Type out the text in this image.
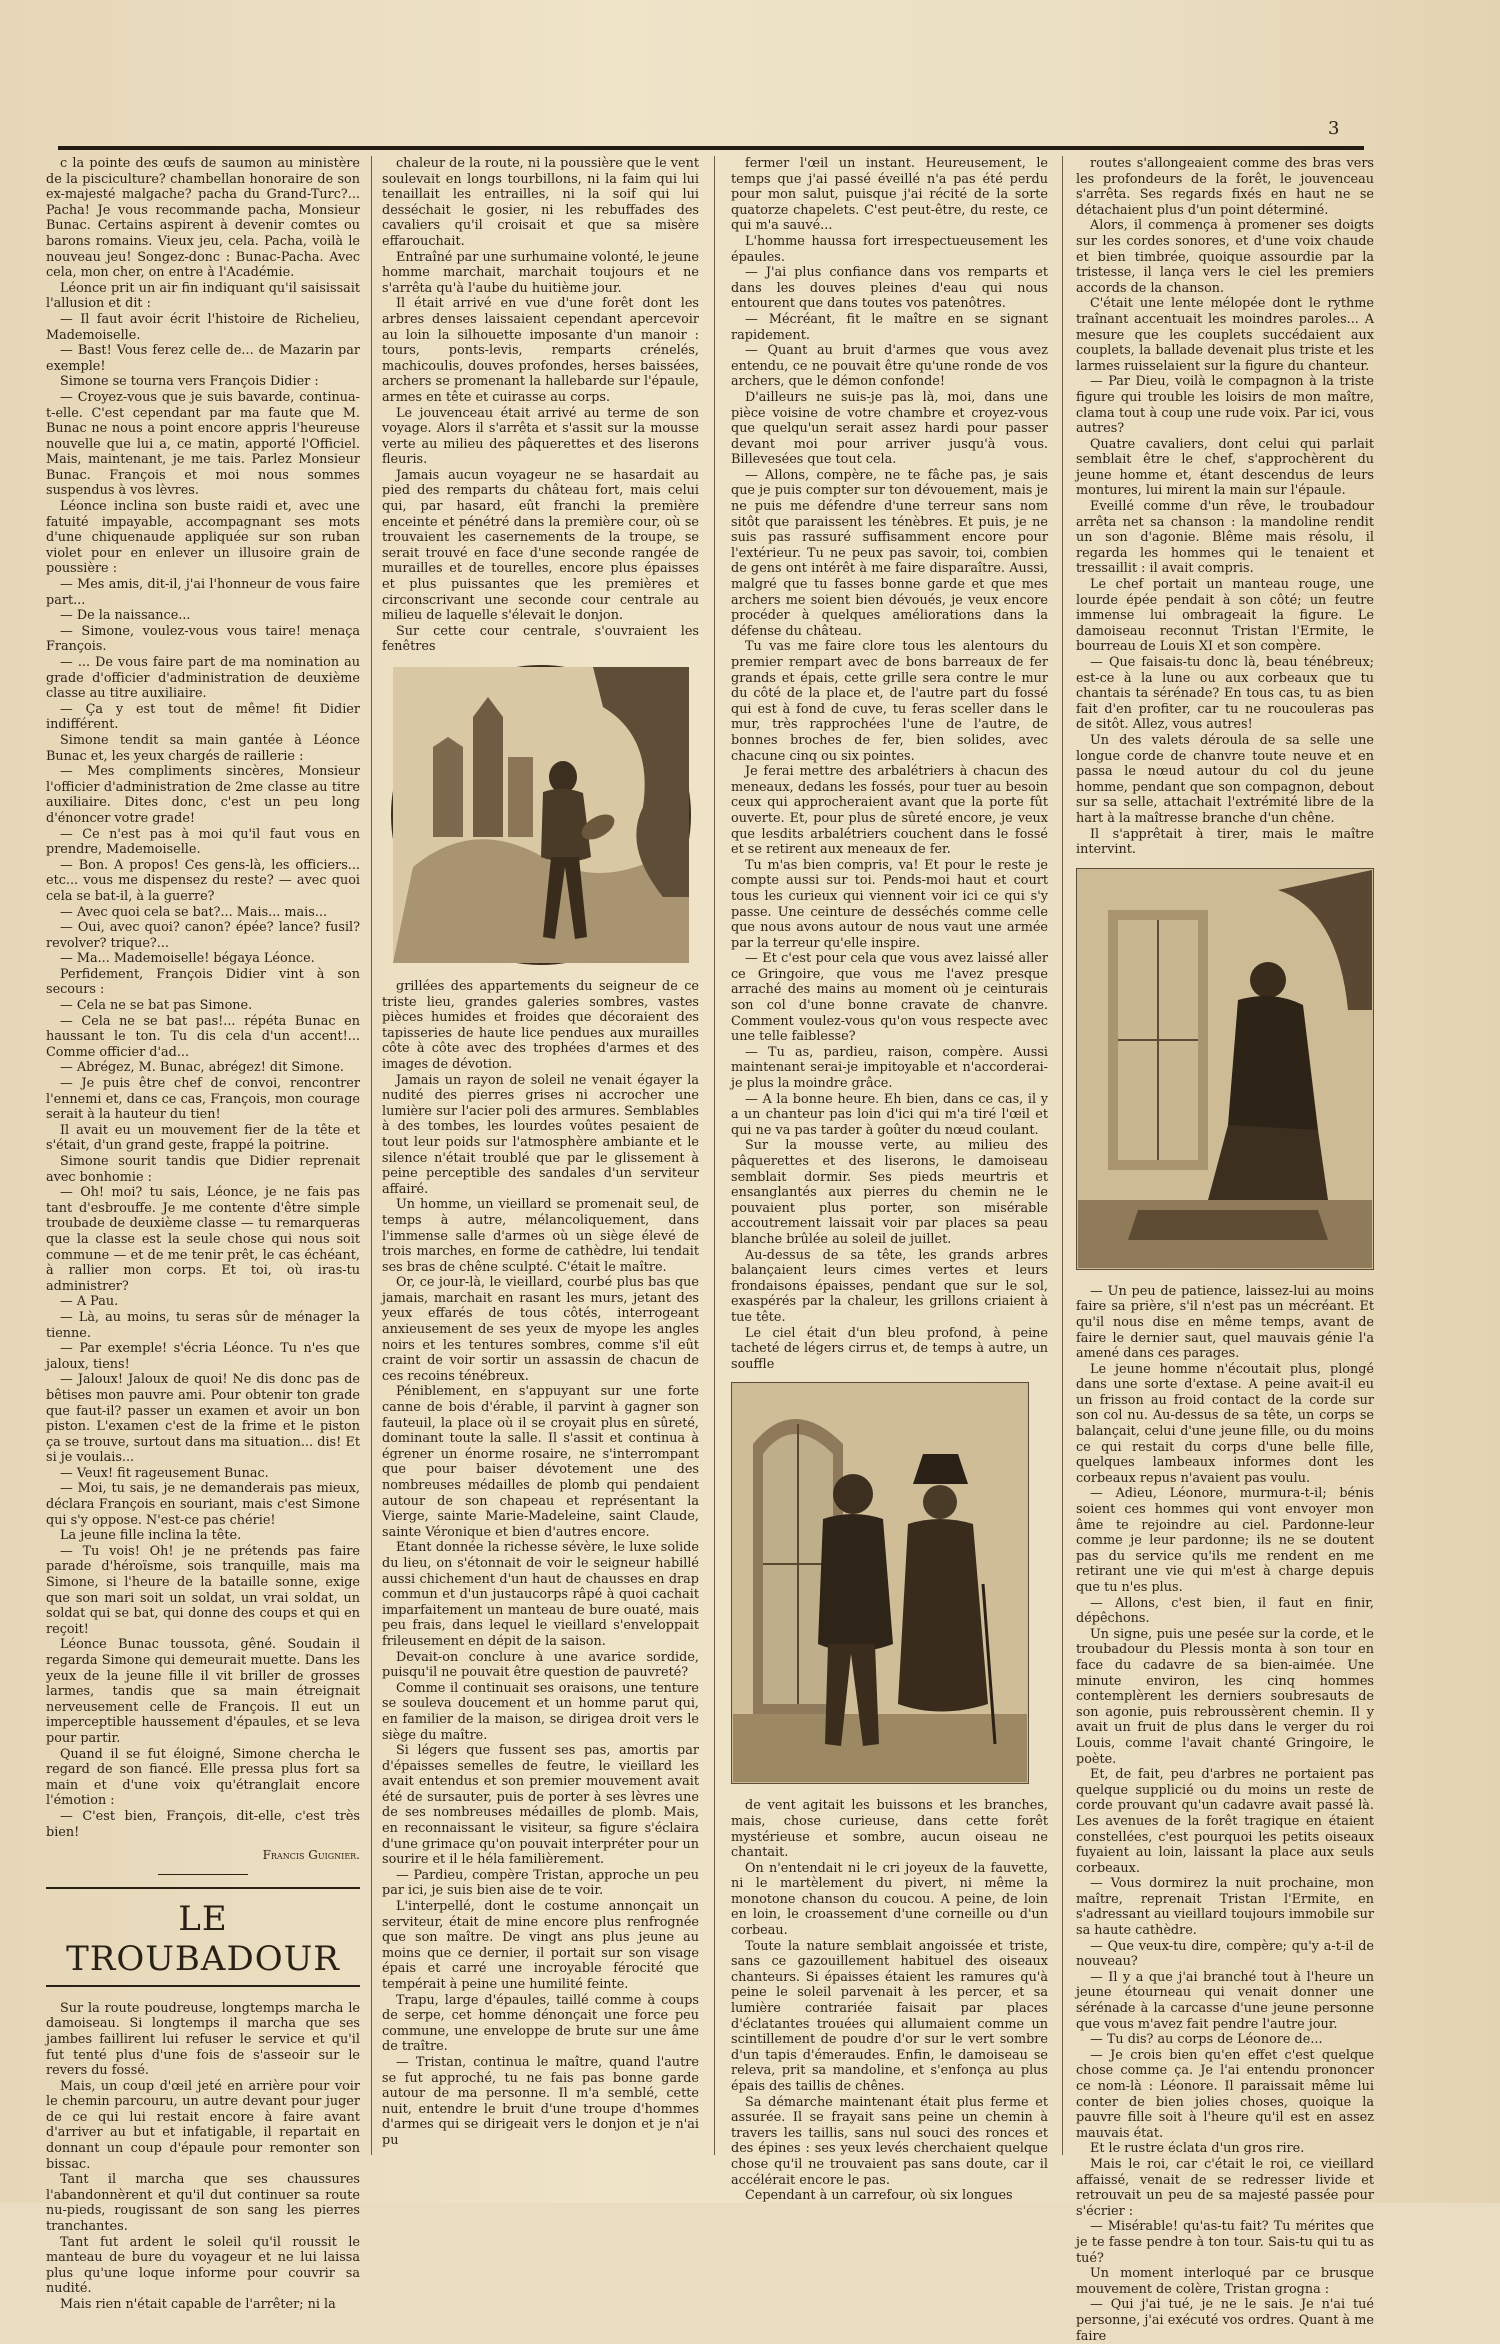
3

c la pointe des œufs de saumon au ministère de la pisciculture? chambellan honoraire de son ex-majesté malgache? pacha du Grand-Turc?... Pacha! Je vous recommande pacha, Monsieur Bunac. Certains aspirent à devenir comtes ou barons romains. Vieux jeu, cela. Pacha, voilà le nouveau jeu! Songez-donc : Bunac-Pacha. Avec cela, mon cher, on entre à l'Académie.

Léonce prit un air fin indiquant qu'il saisissait l'allusion et dit :

— Il faut avoir écrit l'histoire de Richelieu, Mademoiselle.

— Bast! Vous ferez celle de... de Mazarin par exemple!

Simone se tourna vers François Didier :

— Croyez-vous que je suis bavarde, continua-t-elle. C'est cependant par ma faute que M. Bunac ne nous a point encore appris l'heureuse nouvelle que lui a, ce matin, apporté l'Officiel. Mais, maintenant, je me tais. Parlez Monsieur Bunac. François et moi nous sommes suspendus à vos lèvres.

Léonce inclina son buste raidi et, avec une fatuité impayable, accompagnant ses mots d'une chiquenaude appliquée sur son ruban violet pour en enlever un illusoire grain de poussière :

— Mes amis, dit-il, j'ai l'honneur de vous faire part...

— De la naissance...

— Simone, voulez-vous vous taire! menaça François.

— ... De vous faire part de ma nomination au grade d'officier d'administration de deuxième classe au titre auxiliaire.

— Ça y est tout de même! fit Didier indifférent.

Simone tendit sa main gantée à Léonce Bunac et, les yeux chargés de raillerie :

— Mes compliments sincères, Monsieur l'officier d'administration de 2me classe au titre auxiliaire. Dites donc, c'est un peu long d'énoncer votre grade!

— Ce n'est pas à moi qu'il faut vous en prendre, Mademoiselle.

— Bon. A propos! Ces gens-là, les officiers... etc... vous me dispensez du reste? — avec quoi cela se bat-il, à la guerre?

— Avec quoi cela se bat?... Mais... mais...

— Oui, avec quoi? canon? épée? lance? fusil? revolver? trique?...

— Ma... Mademoiselle! bégaya Léonce.

Perfidement, François Didier vint à son secours :

— Cela ne se bat pas Simone.

— Cela ne se bat pas!... répéta Bunac en haussant le ton. Tu dis cela d'un accent!... Comme officier d'ad...

— Abrégez, M. Bunac, abrégez! dit Simone.

— Je puis être chef de convoi, rencontrer l'ennemi et, dans ce cas, François, mon courage serait à la hauteur du tien!

Il avait eu un mouvement fier de la tête et s'était, d'un grand geste, frappé la poitrine.

Simone sourit tandis que Didier reprenait avec bonhomie :

— Oh! moi? tu sais, Léonce, je ne fais pas tant d'esbrouffe. Je me contente d'être simple troubade de deuxième classe — tu remarqueras que la classe est la seule chose qui nous soit commune — et de me tenir prêt, le cas échéant, à rallier mon corps. Et toi, où iras-tu administrer?

— A Pau.

— Là, au moins, tu seras sûr de ménager la tienne.

— Par exemple! s'écria Léonce. Tu n'es que jaloux, tiens!

— Jaloux! Jaloux de quoi! Ne dis donc pas de bêtises mon pauvre ami. Pour obtenir ton grade que faut-il? passer un examen et avoir un bon piston. L'examen c'est de la frime et le piston ça se trouve, surtout dans ma situation... dis! Et si je voulais...

— Veux! fit rageusement Bunac.

— Moi, tu sais, je ne demanderais pas mieux, déclara François en souriant, mais c'est Simone qui s'y oppose. N'est-ce pas chérie!

La jeune fille inclina la tête.

— Tu vois! Oh! je ne prétends pas faire parade d'héroïsme, sois tranquille, mais ma Simone, si l'heure de la bataille sonne, exige que son mari soit un soldat, un vrai soldat, un soldat qui se bat, qui donne des coups et qui en reçoit!

Léonce Bunac toussota, gêné. Soudain il regarda Simone qui demeurait muette. Dans les yeux de la jeune fille il vit briller de grosses larmes, tandis que sa main étreignait nerveusement celle de François. Il eut un imperceptible haussement d'épaules, et se leva pour partir.

Quand il se fut éloigné, Simone chercha le regard de son fiancé. Elle pressa plus fort sa main et d'une voix qu'étranglait encore l'émotion :

— C'est bien, François, dit-elle, c'est très bien!

Francis Guignier.

LE TROUBADOUR

Sur la route poudreuse, longtemps marcha le damoiseau. Si longtemps il marcha que ses jambes faillirent lui refuser le service et qu'il fut tenté plus d'une fois de s'asseoir sur le revers du fossé.

Mais, un coup d'œil jeté en arrière pour voir le chemin parcouru, un autre devant pour juger de ce qui lui restait encore à faire avant d'arriver au but et infatigable, il repartait en donnant un coup d'épaule pour remonter son bissac.

Tant il marcha que ses chaussures l'abandonnèrent et qu'il dut continuer sa route nu-pieds, rougissant de son sang les pierres tranchantes.

Tant fut ardent le soleil qu'il roussit le manteau de bure du voyageur et ne lui laissa plus qu'une loque informe pour couvrir sa nudité.

Mais rien n'était capable de l'arrêter; ni la

chaleur de la route, ni la poussière que le vent soulevait en longs tourbillons, ni la faim qui lui tenaillait les entrailles, ni la soif qui lui desséchait le gosier, ni les rebuffades des cavaliers qu'il croisait et que sa misère effarouchait.

Entraîné par une surhumaine volonté, le jeune homme marchait, marchait toujours et ne s'arrêta qu'à l'aube du huitième jour.

Il était arrivé en vue d'une forêt dont les arbres denses laissaient cependant apercevoir au loin la silhouette imposante d'un manoir : tours, ponts-levis, remparts crénelés, machicoulis, douves profondes, herses baissées, archers se promenant la hallebarde sur l'épaule, armes en tête et cuirasse au corps.

Le jouvenceau était arrivé au terme de son voyage. Alors il s'arrêta et s'assit sur la mousse verte au milieu des pâquerettes et des liserons fleuris.

Jamais aucun voyageur ne se hasardait au pied des remparts du château fort, mais celui qui, par hasard, eût franchi la première enceinte et pénétré dans la première cour, où se trouvaient les casernements de la troupe, se serait trouvé en face d'une seconde rangée de murailles et de tourelles, encore plus épaisses et plus puissantes que les premières et circonscrivant une seconde cour centrale au milieu de laquelle s'élevait le donjon.

Sur cette cour centrale, s'ouvraient les fenêtres

grillées des appartements du seigneur de ce triste lieu, grandes galeries sombres, vastes pièces humides et froides que décoraient des tapisseries de haute lice pendues aux murailles côte à côte avec des trophées d'armes et des images de dévotion.

Jamais un rayon de soleil ne venait égayer la nudité des pierres grises ni accrocher une lumière sur l'acier poli des armures. Semblables à des tombes, les lourdes voûtes pesaient de tout leur poids sur l'atmosphère ambiante et le silence n'était troublé que par le glissement à peine perceptible des sandales d'un serviteur affairé.

Un homme, un vieillard se promenait seul, de temps à autre, mélancoliquement, dans l'immense salle d'armes où un siège élevé de trois marches, en forme de cathèdre, lui tendait ses bras de chêne sculpté. C'était le maître.

Or, ce jour-là, le vieillard, courbé plus bas que jamais, marchait en rasant les murs, jetant des yeux effarés de tous côtés, interrogeant anxieusement de ses yeux de myope les angles noirs et les tentures sombres, comme s'il eût craint de voir sortir un assassin de chacun de ces recoins ténébreux.

Péniblement, en s'appuyant sur une forte canne de bois d'érable, il parvint à gagner son fauteuil, la place où il se croyait plus en sûreté, dominant toute la salle. Il s'assit et continua à égrener un énorme rosaire, ne s'interrompant que pour baiser dévotement une des nombreuses médailles de plomb qui pendaient autour de son chapeau et représentant la Vierge, sainte Marie-Madeleine, saint Claude, sainte Véronique et bien d'autres encore.

Etant donnée la richesse sévère, le luxe solide du lieu, on s'étonnait de voir le seigneur habillé aussi chichement d'un haut de chausses en drap commun et d'un justaucorps râpé à quoi cachait imparfaitement un manteau de bure ouaté, mais peu frais, dans lequel le vieillard s'enveloppait frileusement en dépit de la saison.

Devait-on conclure à une avarice sordide, puisqu'il ne pouvait être question de pauvreté?

Comme il continuait ses oraisons, une tenture se souleva doucement et un homme parut qui, en familier de la maison, se dirigea droit vers le siège du maître.

Si légers que fussent ses pas, amortis par d'épaisses semelles de feutre, le vieillard les avait entendus et son premier mouvement avait été de sursauter, puis de porter à ses lèvres une de ses nombreuses médailles de plomb. Mais, en reconnaissant le visiteur, sa figure s'éclaira d'une grimace qu'on pouvait interpréter pour un sourire et il le héla familièrement.

— Pardieu, compère Tristan, approche un peu par ici, je suis bien aise de te voir.

L'interpellé, dont le costume annonçait un serviteur, était de mine encore plus renfrognée que son maître. De vingt ans plus jeune au moins que ce dernier, il portait sur son visage épais et carré une incroyable férocité que tempérait à peine une humilité feinte.

Trapu, large d'épaules, taillé comme à coups de serpe, cet homme dénonçait une force peu commune, une enveloppe de brute sur une âme de traître.

— Tristan, continua le maître, quand l'autre se fut approché, tu ne fais pas bonne garde autour de ma personne. Il m'a semblé, cette nuit, entendre le bruit d'une troupe d'hommes d'armes qui se dirigeait vers le donjon et je n'ai pu

fermer l'œil un instant. Heureusement, le temps que j'ai passé éveillé n'a pas été perdu pour mon salut, puisque j'ai récité de la sorte quatorze chapelets. C'est peut-être, du reste, ce qui m'a sauvé...

L'homme haussa fort irrespectueusement les épaules.

— J'ai plus confiance dans vos remparts et dans les douves pleines d'eau qui nous entourent que dans toutes vos patenôtres.

— Mécréant, fit le maître en se signant rapidement.

— Quant au bruit d'armes que vous avez entendu, ce ne pouvait être qu'une ronde de vos archers, que le démon confonde!

D'ailleurs ne suis-je pas là, moi, dans une pièce voisine de votre chambre et croyez-vous que quelqu'un serait assez hardi pour passer devant moi pour arriver jusqu'à vous. Billevesées que tout cela.

— Allons, compère, ne te fâche pas, je sais que je puis compter sur ton dévouement, mais je ne puis me défendre d'une terreur sans nom sitôt que paraissent les ténèbres. Et puis, je ne suis pas rassuré suffisamment encore pour l'extérieur. Tu ne peux pas savoir, toi, combien de gens ont intérêt à me faire disparaître. Aussi, malgré que tu fasses bonne garde et que mes archers me soient bien dévoués, je veux encore procéder à quelques améliorations dans la défense du château.

Tu vas me faire clore tous les alentours du premier rempart avec de bons barreaux de fer grands et épais, cette grille sera contre le mur du côté de la place et, de l'autre part du fossé qui est à fond de cuve, tu feras sceller dans le mur, très rapprochées l'une de l'autre, de bonnes broches de fer, bien solides, avec chacune cinq ou six pointes.

Je ferai mettre des arbalétriers à chacun des meneaux, dedans les fossés, pour tuer au besoin ceux qui approcheraient avant que la porte fût ouverte. Et, pour plus de sûreté encore, je veux que lesdits arbalétriers couchent dans le fossé et se retirent aux meneaux de fer.

Tu m'as bien compris, va! Et pour le reste je compte aussi sur toi. Pends-moi haut et court tous les curieux qui viennent voir ici ce qui s'y passe. Une ceinture de desséchés comme celle que nous avons autour de nous vaut une armée par la terreur qu'elle inspire.

— Et c'est pour cela que vous avez laissé aller ce Gringoire, que vous me l'avez presque arraché des mains au moment où je ceinturais son col d'une bonne cravate de chanvre. Comment voulez-vous qu'on vous respecte avec une telle faiblesse?

— Tu as, pardieu, raison, compère. Aussi maintenant serai-je impitoyable et n'accorderai-je plus la moindre grâce.

— A la bonne heure. Eh bien, dans ce cas, il y a un chanteur pas loin d'ici qui m'a tiré l'œil et qui ne va pas tarder à goûter du nœud coulant.

Sur la mousse verte, au milieu des pâquerettes et des liserons, le damoiseau semblait dormir. Ses pieds meurtris et ensanglantés aux pierres du chemin ne le pouvaient plus porter, son misérable accoutrement laissait voir par places sa peau blanche brûlée au soleil de juillet.

Au-dessus de sa tête, les grands arbres balançaient leurs cimes vertes et leurs frondaisons épaisses, pendant que sur le sol, exaspérés par la chaleur, les grillons criaient à tue tête.

Le ciel était d'un bleu profond, à peine tacheté de légers cirrus et, de temps à autre, un souffle

de vent agitait les buissons et les branches, mais, chose curieuse, dans cette forêt mystérieuse et sombre, aucun oiseau ne chantait.

On n'entendait ni le cri joyeux de la fauvette, ni le martèlement du pivert, ni même la monotone chanson du coucou. A peine, de loin en loin, le croassement d'une corneille ou d'un corbeau.

Toute la nature semblait angoissée et triste, sans ce gazouillement habituel des oiseaux chanteurs. Si épaisses étaient les ramures qu'à peine le soleil parvenait à les percer, et sa lumière contrariée faisait par places d'éclatantes trouées qui allumaient comme un scintillement de poudre d'or sur le vert sombre d'un tapis d'émeraudes. Enfin, le damoiseau se releva, prit sa mandoline, et s'enfonça au plus épais des taillis de chênes.

Sa démarche maintenant était plus ferme et assurée. Il se frayait sans peine un chemin à travers les taillis, sans nul souci des ronces et des épines : ses yeux levés cherchaient quelque chose qu'il ne trouvaient pas sans doute, car il accélérait encore le pas.

Cependant à un carrefour, où six longues

routes s'allongeaient comme des bras vers les profondeurs de la forêt, le jouvenceau s'arrêta. Ses regards fixés en haut ne se détachaient plus d'un point déterminé.

Alors, il commença à promener ses doigts sur les cordes sonores, et d'une voix chaude et bien timbrée, quoique assourdie par la tristesse, il lança vers le ciel les premiers accords de la chanson.

C'était une lente mélopée dont le rythme traînant accentuait les moindres paroles... A mesure que les couplets succédaient aux couplets, la ballade devenait plus triste et les larmes ruisselaient sur la figure du chanteur.

— Par Dieu, voilà le compagnon à la triste figure qui trouble les loisirs de mon maître, clama tout à coup une rude voix. Par ici, vous autres?

Quatre cavaliers, dont celui qui parlait semblait être le chef, s'approchèrent du jeune homme et, étant descendus de leurs montures, lui mirent la main sur l'épaule.

Eveillé comme d'un rêve, le troubadour arrêta net sa chanson : la mandoline rendit un son d'agonie. Blême mais résolu, il regarda les hommes qui le tenaient et tressaillit : il avait compris.

Le chef portait un manteau rouge, une lourde épée pendait à son côté; un feutre immense lui ombrageait la figure. Le damoiseau reconnut Tristan l'Ermite, le bourreau de Louis XI et son compère.

— Que faisais-tu donc là, beau ténébreux; est-ce à la lune ou aux corbeaux que tu chantais ta sérénade? En tous cas, tu as bien fait d'en profiter, car tu ne roucouleras pas de sitôt. Allez, vous autres!

Un des valets déroula de sa selle une longue corde de chanvre toute neuve et en passa le nœud autour du col du jeune homme, pendant que son compagnon, debout sur sa selle, attachait l'extrémité libre de la hart à la maîtresse branche d'un chêne.

Il s'apprêtait à tirer, mais le maître intervint.

— Un peu de patience, laissez-lui au moins faire sa prière, s'il n'est pas un mécréant. Et qu'il nous dise en même temps, avant de faire le dernier saut, quel mauvais génie l'a amené dans ces parages.

Le jeune homme n'écoutait plus, plongé dans une sorte d'extase. A peine avait-il eu un frisson au froid contact de la corde sur son col nu. Au-dessus de sa tête, un corps se balançait, celui d'une jeune fille, ou du moins ce qui restait du corps d'une belle fille, quelques lambeaux informes dont les corbeaux repus n'avaient pas voulu.

— Adieu, Léonore, murmura-t-il; bénis soient ces hommes qui vont envoyer mon âme te rejoindre au ciel. Pardonne-leur comme je leur pardonne; ils ne se doutent pas du service qu'ils me rendent en me retirant une vie qui m'est à charge depuis que tu n'es plus.

— Allons, c'est bien, il faut en finir, dépêchons.

Un signe, puis une pesée sur la corde, et le troubadour du Plessis monta à son tour en face du cadavre de sa bien-aimée. Une minute environ, les cinq hommes contemplèrent les derniers soubresauts de son agonie, puis rebroussèrent chemin. Il y avait un fruit de plus dans le verger du roi Louis, comme l'avait chanté Gringoire, le poète.

Et, de fait, peu d'arbres ne portaient pas quelque supplicié ou du moins un reste de corde prouvant qu'un cadavre avait passé là. Les avenues de la forêt tragique en étaient constellées, c'est pourquoi les petits oiseaux fuyaient au loin, laissant la place aux seuls corbeaux.

— Vous dormirez la nuit prochaine, mon maître, reprenait Tristan l'Ermite, en s'adressant au vieillard toujours immobile sur sa haute cathèdre.

— Que veux-tu dire, compère; qu'y a-t-il de nouveau?

— Il y a que j'ai branché tout à l'heure un jeune étourneau qui venait donner une sérénade à la carcasse d'une jeune personne que vous m'avez fait pendre l'autre jour.

— Tu dis? au corps de Léonore de...

— Je crois bien qu'en effet c'est quelque chose comme ça. Je l'ai entendu prononcer ce nom-là : Léonore. Il paraissait même lui conter de bien jolies choses, quoique la pauvre fille soit à l'heure qu'il est en assez mauvais état.

Et le rustre éclata d'un gros rire.

Mais le roi, car c'était le roi, ce vieillard affaissé, venait de se redresser livide et retrouvait un peu de sa majesté passée pour s'écrier :

— Misérable! qu'as-tu fait? Tu mérites que je te fasse pendre à ton tour. Sais-tu qui tu as tué?

Un moment interloqué par ce brusque mouvement de colère, Tristan grogna :

— Qui j'ai tué, je ne le sais. Je n'ai tué personne, j'ai exécuté vos ordres. Quant à me faire
